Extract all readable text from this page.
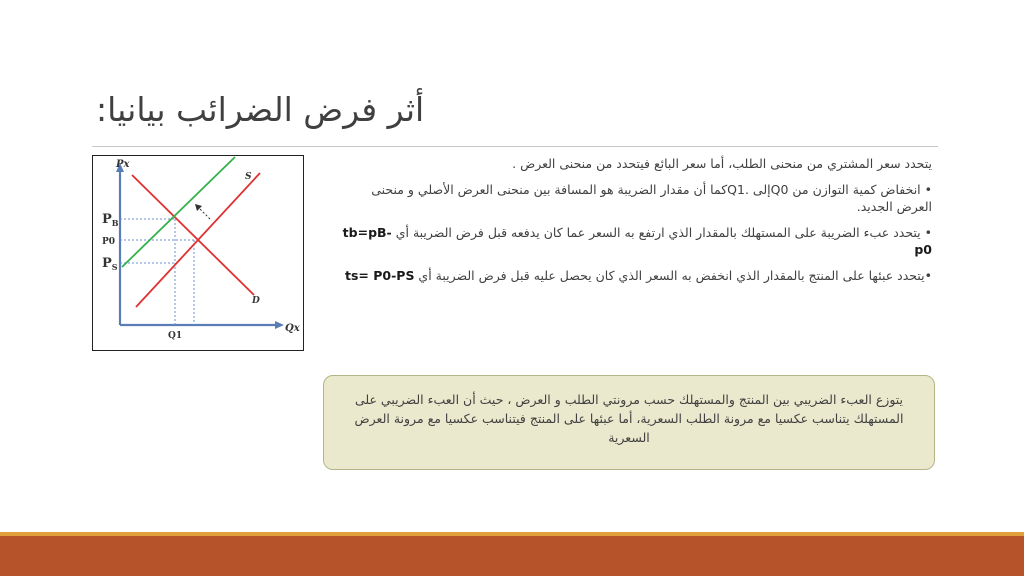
أثر فرض الضرائب بيانيا:
Px
Qx
$P_B$
P0
$P_S$
Q1
S
D

يتحدد سعر المشتري من منحنى الطلب، أما سعر البائع فيتحدد من منحنى العرض .

• انخفاض كمية التوازن من Q0إلى .Q1كما أن مقدار الضريبة هو المسافة بين منحنى العرض الأصلي و منحنى العرض الجديد.

• يتحدد عبء الضريبة على المستهلك بالمقدار الذي ارتفع به السعر عما كان يدفعه قبل فرض الضريبة أي tb=pB-p0

•يتحدد عبئها على المنتج بالمقدار الذي انخفض به السعر الذي كان يحصل عليه قبل فرض الضريبة أي ts= P0-PS

يتوزع العبء الضريبي بين المنتج والمستهلك حسب مرونتي الطلب و العرض ، حيث أن العبء الضريبي على المستهلك يتناسب عكسيا مع مرونة الطلب السعرية، أما عبئها على المنتج فيتناسب عكسيا مع مرونة العرض السعرية
